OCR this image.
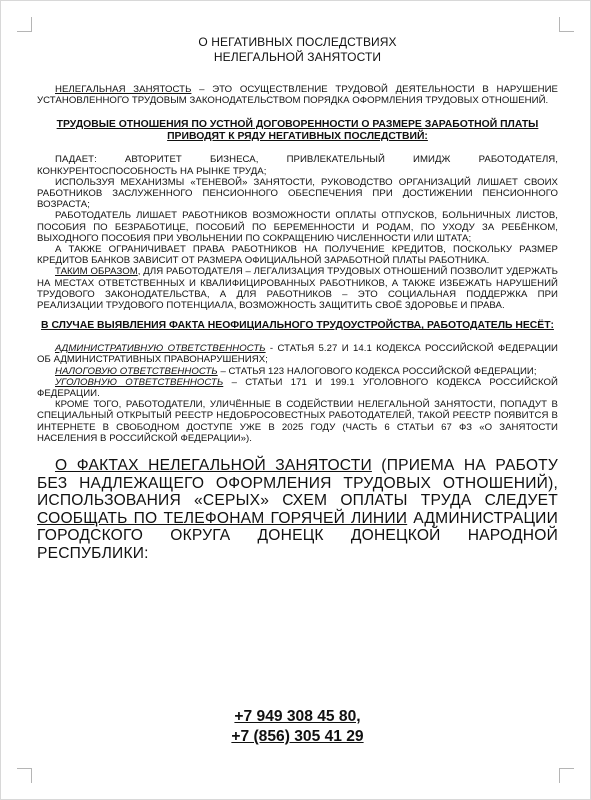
О НЕГАТИВНЫХ ПОСЛЕДСТВИЯХ
НЕЛЕГАЛЬНОЙ ЗАНЯТОСТИ

НЕЛЕГАЛЬНАЯ ЗАНЯТОСТЬ – ЭТО ОСУЩЕСТВЛЕНИЕ ТРУДОВОЙ ДЕЯТЕЛЬНОСТИ В НАРУШЕНИЕ УСТАНОВЛЕННОГО ТРУДОВЫМ ЗАКОНОДАТЕЛЬСТВОМ ПОРЯДКА ОФОРМЛЕНИЯ ТРУДОВЫХ ОТНОШЕНИЙ.

ТРУДОВЫЕ ОТНОШЕНИЯ ПО УСТНОЙ ДОГОВОРЕННОСТИ О РАЗМЕРЕ ЗАРАБОТНОЙ ПЛАТЫ ПРИВОДЯТ К РЯДУ НЕГАТИВНЫХ ПОСЛЕДСТВИЙ:

ПАДАЕТ: АВТОРИТЕТ БИЗНЕСА, ПРИВЛЕКАТЕЛЬНЫЙ ИМИДЖ РАБОТОДАТЕЛЯ, КОНКУРЕНТОСПОСОБНОСТЬ НА РЫНКЕ ТРУДА;

ИСПОЛЬЗУЯ МЕХАНИЗМЫ «ТЕНЕВОЙ» ЗАНЯТОСТИ, РУКОВОДСТВО ОРГАНИЗАЦИЙ ЛИШАЕТ СВОИХ РАБОТНИКОВ ЗАСЛУЖЕННОГО ПЕНСИОННОГО ОБЕСПЕЧЕНИЯ ПРИ ДОСТИЖЕНИИ ПЕНСИОННОГО ВОЗРАСТА;

РАБОТОДАТЕЛЬ ЛИШАЕТ РАБОТНИКОВ ВОЗМОЖНОСТИ ОПЛАТЫ ОТПУСКОВ, БОЛЬНИЧНЫХ ЛИСТОВ, ПОСОБИЯ ПО БЕЗРАБОТИЦЕ, ПОСОБИЙ ПО БЕРЕМЕННОСТИ И РОДАМ, ПО УХОДУ ЗА РЕБЁНКОМ, ВЫХОДНОГО ПОСОБИЯ ПРИ УВОЛЬНЕНИИ ПО СОКРАЩЕНИЮ ЧИСЛЕННОСТИ ИЛИ ШТАТА;

А ТАКЖЕ ОГРАНИЧИВАЕТ ПРАВА РАБОТНИКОВ НА ПОЛУЧЕНИЕ КРЕДИТОВ, ПОСКОЛЬКУ РАЗМЕР КРЕДИТОВ БАНКОВ ЗАВИСИТ ОТ РАЗМЕРА ОФИЦИАЛЬНОЙ ЗАРАБОТНОЙ ПЛАТЫ РАБОТНИКА.

ТАКИМ ОБРАЗОМ, ДЛЯ РАБОТОДАТЕЛЯ – ЛЕГАЛИЗАЦИЯ ТРУДОВЫХ ОТНОШЕНИЙ ПОЗВОЛИТ УДЕРЖАТЬ НА МЕСТАХ ОТВЕТСТВЕННЫХ И КВАЛИФИЦИРОВАННЫХ РАБОТНИКОВ, А ТАКЖЕ ИЗБЕЖАТЬ НАРУШЕНИЙ ТРУДОВОГО ЗАКОНОДАТЕЛЬСТВА, А ДЛЯ РАБОТНИКОВ – ЭТО СОЦИАЛЬНАЯ ПОДДЕРЖКА ПРИ РЕАЛИЗАЦИИ ТРУДОВОГО ПОТЕНЦИАЛА, ВОЗМОЖНОСТЬ ЗАЩИТИТЬ СВОЁ ЗДОРОВЬЕ И ПРАВА.

В СЛУЧАЕ ВЫЯВЛЕНИЯ ФАКТА НЕОФИЦИАЛЬНОГО ТРУДОУСТРОЙСТВА, РАБОТОДАТЕЛЬ НЕСЁТ:

АДМИНИСТРАТИВНУЮ ОТВЕТСТВЕННОСТЬ - СТАТЬЯ 5.27 И 14.1 КОДЕКСА РОССИЙСКОЙ ФЕДЕРАЦИИ ОБ АДМИНИСТРАТИВНЫХ ПРАВОНАРУШЕНИЯХ;

НАЛОГОВУЮ ОТВЕТСТВЕННОСТЬ – СТАТЬЯ 123 НАЛОГОВОГО КОДЕКСА РОССИЙСКОЙ ФЕДЕРАЦИИ;

УГОЛОВНУЮ ОТВЕТСТВЕННОСТЬ – СТАТЬИ 171 И 199.1 УГОЛОВНОГО КОДЕКСА РОССИЙСКОЙ ФЕДЕРАЦИИ.

КРОМЕ ТОГО, РАБОТОДАТЕЛИ, УЛИЧЁННЫЕ В СОДЕЙСТВИИ НЕЛЕГАЛЬНОЙ ЗАНЯТОСТИ, ПОПАДУТ В СПЕЦИАЛЬНЫЙ ОТКРЫТЫЙ РЕЕСТР НЕДОБРОСОВЕСТНЫХ РАБОТОДАТЕЛЕЙ, ТАКОЙ РЕЕСТР ПОЯВИТСЯ В ИНТЕРНЕТЕ В СВОБОДНОМ ДОСТУПЕ УЖЕ В 2025 ГОДУ (ЧАСТЬ 6 СТАТЬИ 67 ФЗ «О ЗАНЯТОСТИ НАСЕЛЕНИЯ В РОССИЙСКОЙ ФЕДЕРАЦИИ»).

О ФАКТАХ НЕЛЕГАЛЬНОЙ ЗАНЯТОСТИ (ПРИЕМА НА РАБОТУ БЕЗ НАДЛЕЖАЩЕГО ОФОРМЛЕНИЯ ТРУДОВЫХ ОТНОШЕНИЙ), ИСПОЛЬЗОВАНИЯ «СЕРЫХ» СХЕМ ОПЛАТЫ ТРУДА СЛЕДУЕТ СООБЩАТЬ ПО ТЕЛЕФОНАМ ГОРЯЧЕЙ ЛИНИИ АДМИНИСТРАЦИИ ГОРОДСКОГО ОКРУГА ДОНЕЦК ДОНЕЦКОЙ НАРОДНОЙ РЕСПУБЛИКИ:

+7 949 308 45 80,
+7 (856) 305 41 29
